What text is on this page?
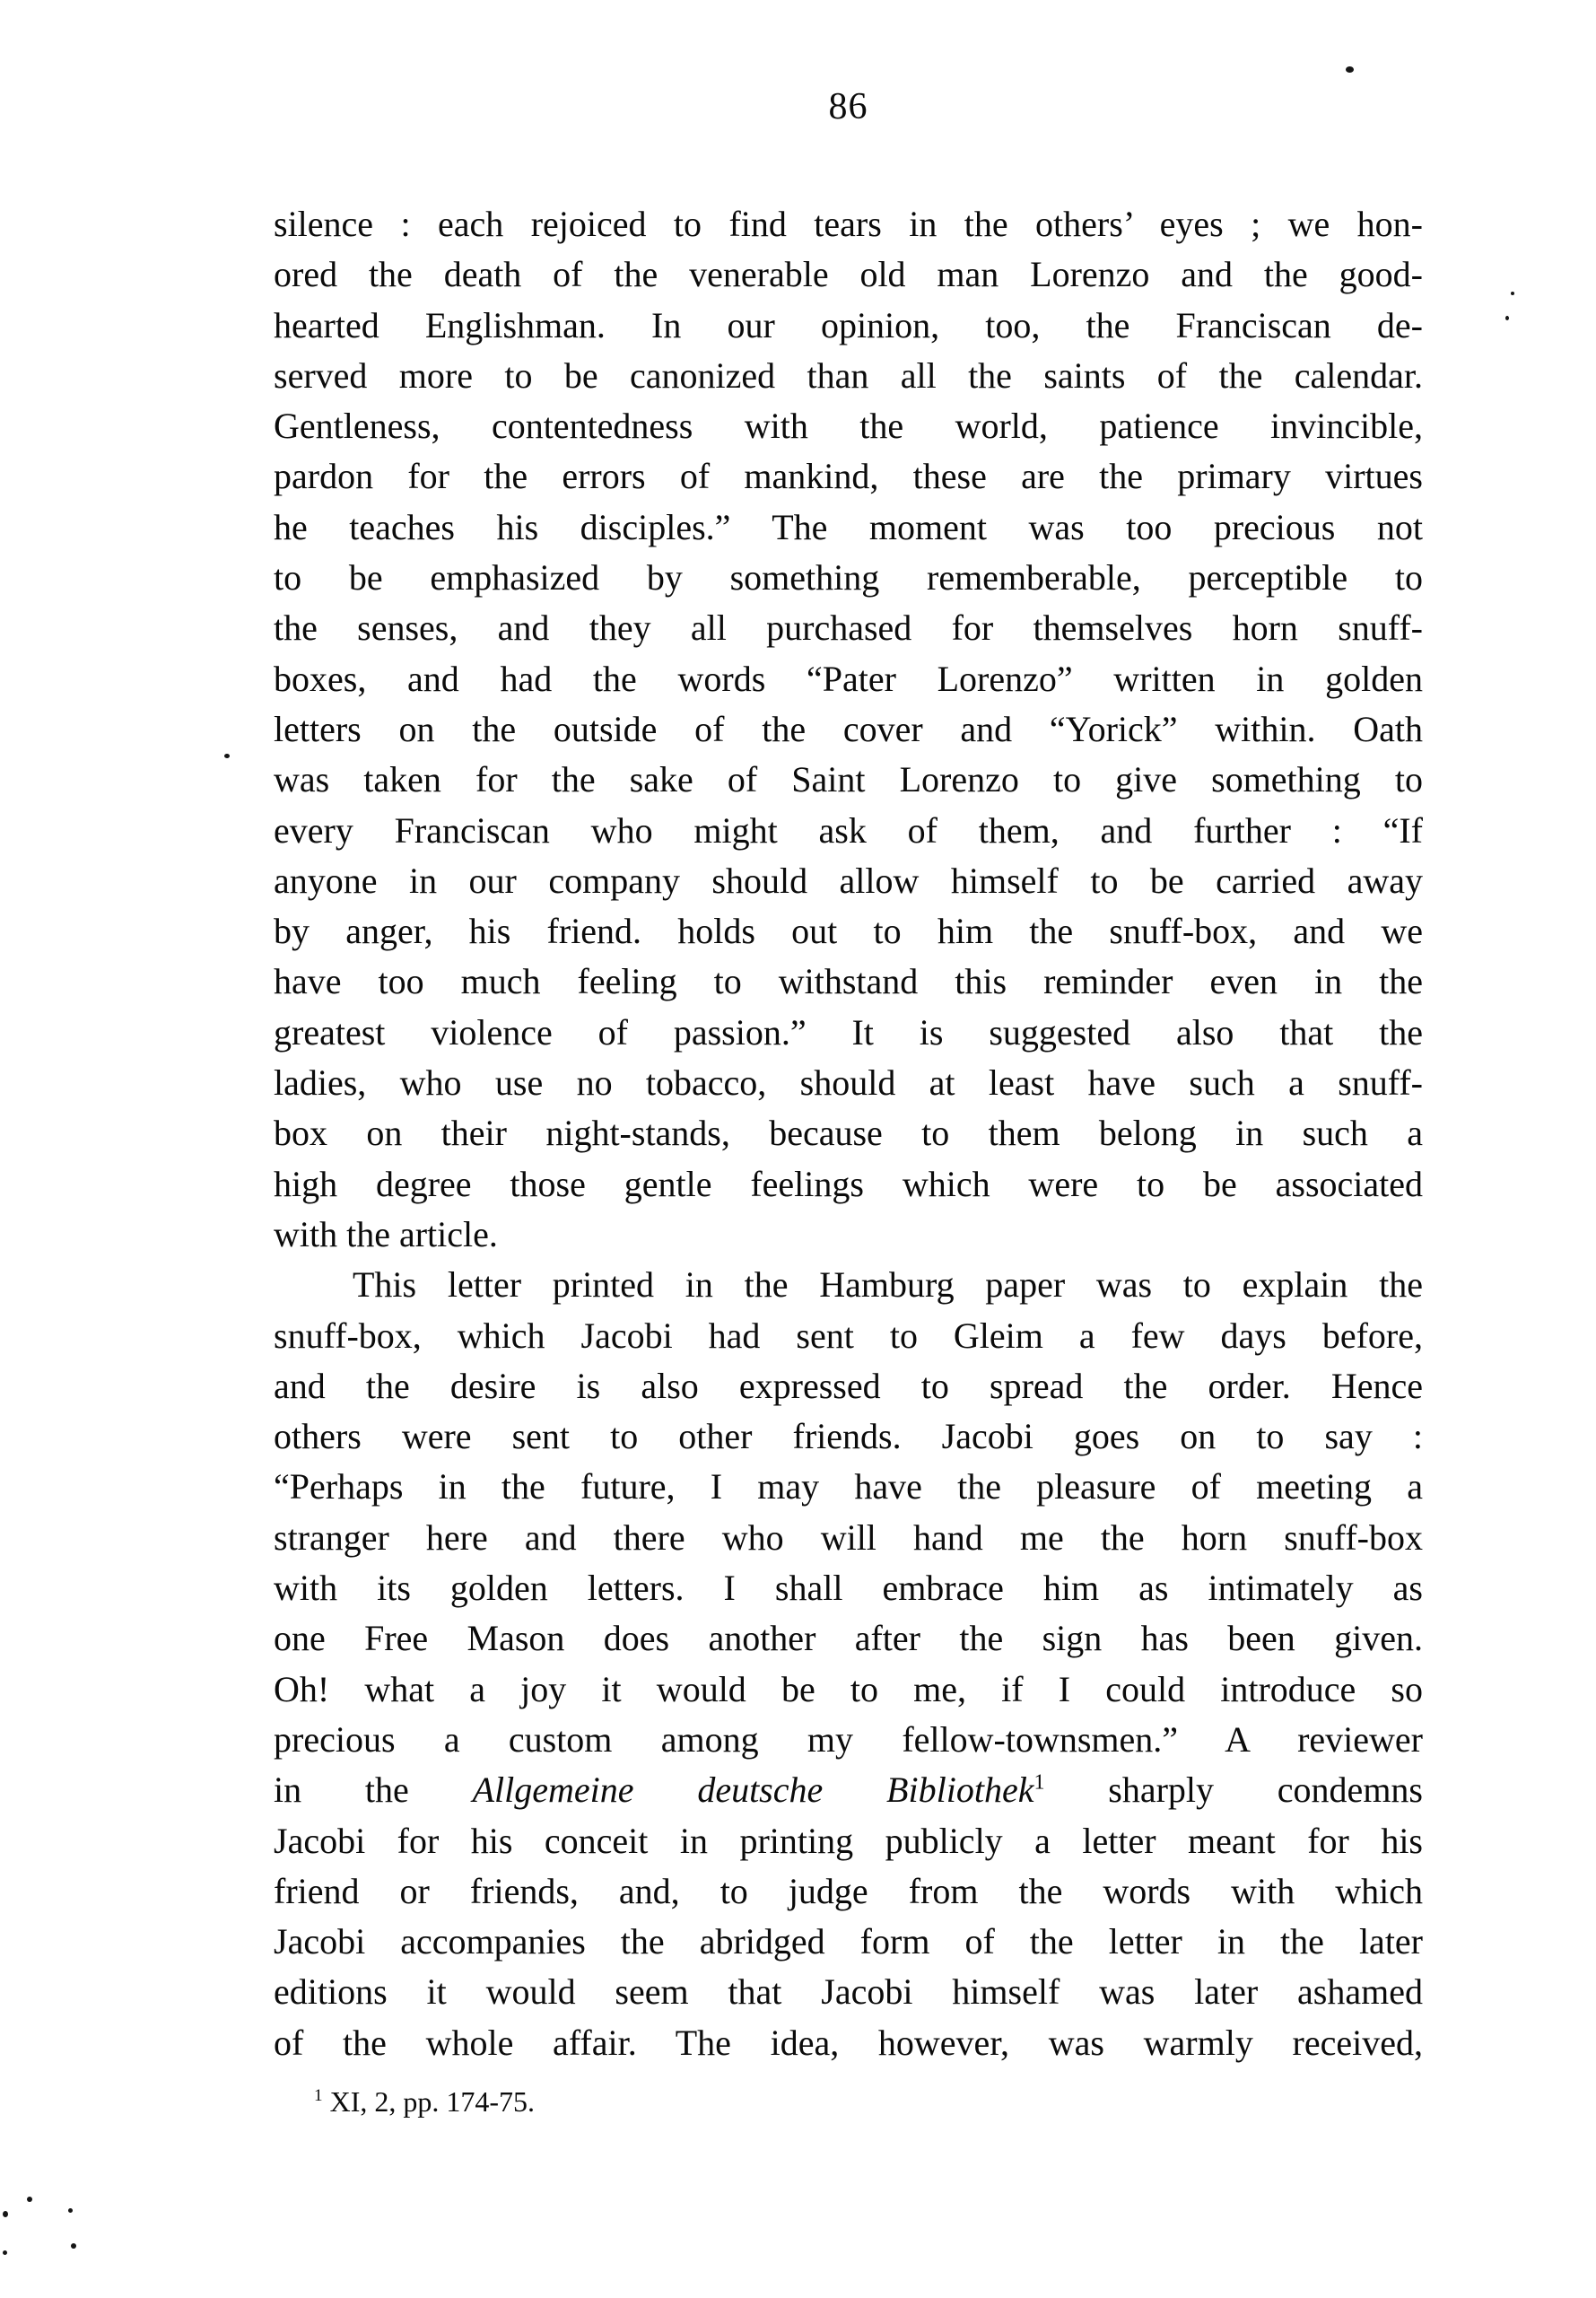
86
silence : each rejoiced to find tears in the others’ eyes ; we hon-
ored the death of the venerable old man Lorenzo and the good-
hearted Englishman. In our opinion, too, the Franciscan de-
served more to be canonized than all the saints of the calendar.
Gentleness, contentedness with the world, patience invincible,
pardon for the errors of mankind, these are the primary virtues
he teaches his disciples.” The moment was too precious not
to be emphasized by something rememberable, perceptible to
the senses, and they all purchased for themselves horn snuff-
boxes, and had the words “Pater Lorenzo” written in golden
letters on the outside of the cover and “Yorick” within. Oath
was taken for the sake of Saint Lorenzo to give something to
every Franciscan who might ask of them, and further : “If
anyone in our company should allow himself to be carried away
by anger, his friend. holds out to him the snuff-box, and we
have too much feeling to withstand this reminder even in the
greatest violence of passion.” It is suggested also that the
ladies, who use no tobacco, should at least have such a snuff-
box on their night-stands, because to them belong in such a
high degree those gentle feelings which were to be associated
with the article.
This letter printed in the Hamburg paper was to explain the
snuff-box, which Jacobi had sent to Gleim a few days before,
and the desire is also expressed to spread the order. Hence
others were sent to other friends. Jacobi goes on to say :
“Perhaps in the future, I may have the pleasure of meeting a
stranger here and there who will hand me the horn snuff-box
with its golden letters. I shall embrace him as intimately as
one Free Mason does another after the sign has been given.
Oh! what a joy it would be to me, if I could introduce so
precious a custom among my fellow-townsmen.” A reviewer
in the Allgemeine deutsche Bibliothek$^1$ sharply condemns
Jacobi for his conceit in printing publicly a letter meant for his
friend or friends, and, to judge from the words with which
Jacobi accompanies the abridged form of the letter in the later
editions it would seem that Jacobi himself was later ashamed
of the whole affair. The idea, however, was warmly received,
$^1$ XI, 2, pp. 174-75.
